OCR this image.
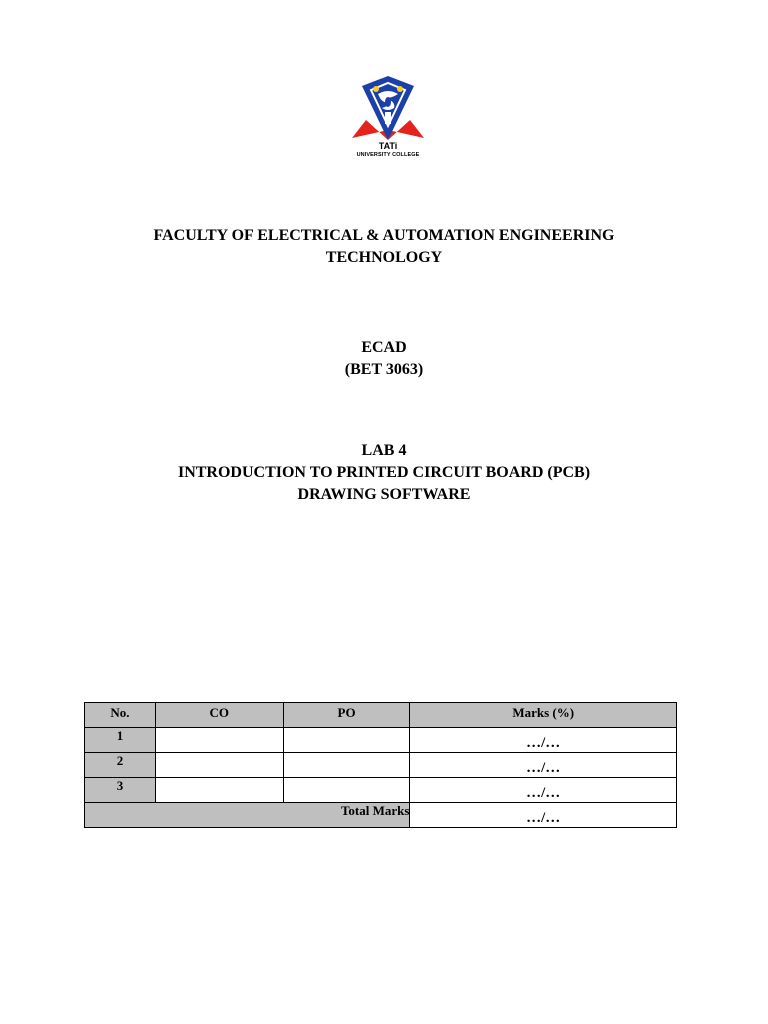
TATi
UNIVERSITY COLLEGE
FACULTY OF ELECTRICAL & AUTOMATION ENGINEERING
TECHNOLOGY
ECAD
(BET 3063)
LAB 4
INTRODUCTION TO PRINTED CIRCUIT BOARD (PCB)
DRAWING SOFTWARE
No.	CO	PO	Marks (%)
1			…/…
2			…/…
3			…/…
Total Marks			…/…
